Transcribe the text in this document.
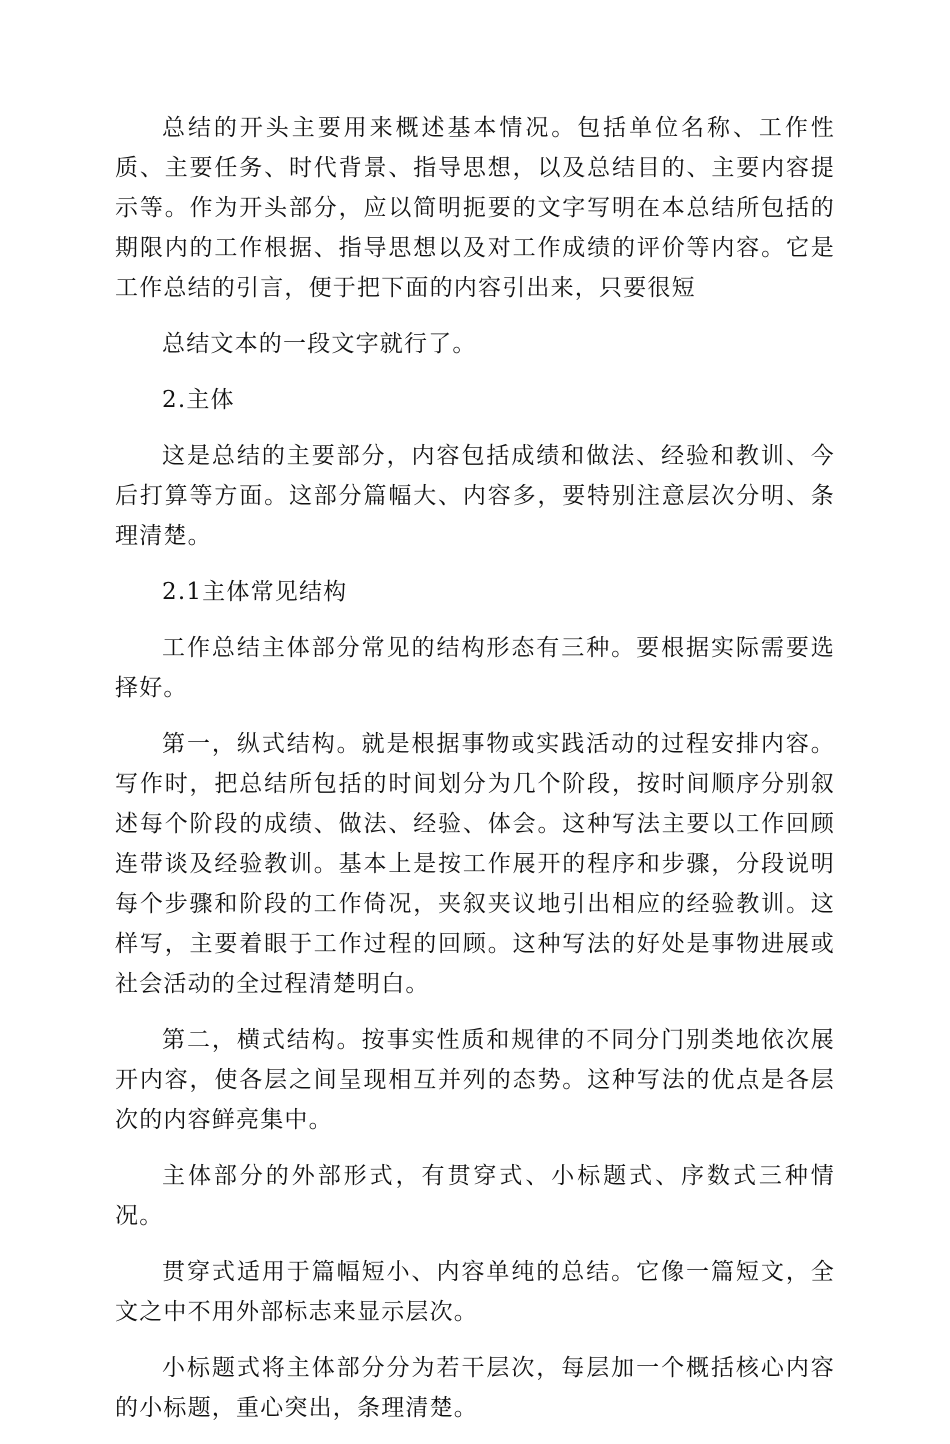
总结的开头主要用来概述基本情况。包括单位名称、工作性质、主要任务、时代背景、指导思想，以及总结目的、主要内容提示等。作为开头部分，应以简明扼要的文字写明在本总结所包括的期限内的工作根据、指导思想以及对工作成绩的评价等内容。它是工作总结的引言，便于把下面的内容引出来，只要很短

总结文本的一段文字就行了。

2.主体

这是总结的主要部分，内容包括成绩和做法、经验和教训、今后打算等方面。这部分篇幅大、内容多，要特别注意层次分明、条理清楚。

2.1主体常见结构

工作总结主体部分常见的结构形态有三种。要根据实际需要选择好。

第一，纵式结构。就是根据事物或实践活动的过程安排内容。写作时，把总结所包括的时间划分为几个阶段，按时间顺序分别叙述每个阶段的成绩、做法、经验、体会。这种写法主要以工作回顾连带谈及经验教训。基本上是按工作展开的程序和步骤，分段说明每个步骤和阶段的工作倚况，夹叙夹议地引出相应的经验教训。这样写，主要着眼于工作过程的回顾。这种写法的好处是事物进展或社会活动的全过程清楚明白。

第二，横式结构。按事实性质和规律的不同分门别类地依次展开内容，使各层之间呈现相互并列的态势。这种写法的优点是各层次的内容鲜亮集中。

主体部分的外部形式，有贯穿式、小标题式、序数式三种情况。

贯穿式适用于篇幅短小、内容单纯的总结。它像一篇短文，全文之中不用外部标志来显示层次。

小标题式将主体部分分为若干层次，每层加一个概括核心内容的小标题，重心突出，条理清楚。
